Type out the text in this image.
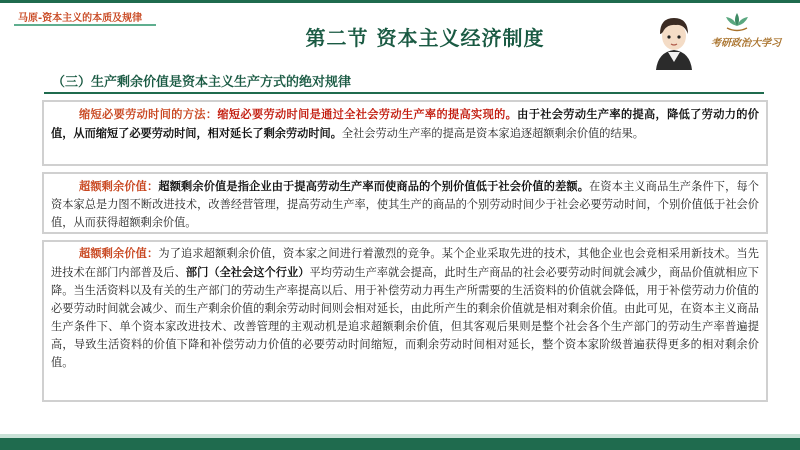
马原-资本主义的本质及规律
第二节 资本主义经济制度	考研政治大学习
（三）生产剩余价值是资本主义生产方式的绝对规律
缩短必要劳动时间的方法：缩短必要劳动时间是通过全社会劳动生产率的提高实现的。由于社会劳动生产率的提高，降低了劳动力的价值，从而缩短了必要劳动时间，相对延长了剩余劳动时间。全社会劳动生产率的提高是资本家追逐超额剩余价值的结果。
超额剩余价值：超额剩余价值是指企业由于提高劳动生产率而使商品的个别价值低于社会价值的差额。在资本主义商品生产条件下，每个资本家总是力图不断改进技术，改善经营管理，提高劳动生产率，使其生产的商品的个别劳动时间少于社会必要劳动时间，个别价值低于社会价值，从而获得超额剩余价值。
超额剩余价值：为了追求超额剩余价值，资本家之间进行着激烈的竞争。某个企业采取先进的技术，其他企业也会竞相采用新技术。当先进技术在部门内部普及后、部门（全社会这个行业）平均劳动生产率就会提高，此时生产商品的社会必要劳动时间就会减少，商品价值就相应下降。当生活资料以及有关的生产部门的劳动生产率提高以后、用于补偿劳动力再生产所需要的生活资料的价值就会降低，用于补偿劳动力价值的必要劳动时间就会减少、而生产剩余价值的剩余劳动时间则会相对延长，由此所产生的剩余价值就是相对剩余价值。由此可见，在资本主义商品生产条件下、单个资本家改进技术、改善管理的主观动机是追求超额剩余价值，但其客观后果则是整个社会各个生产部门的劳动生产率普遍提高，导致生活资料的价值下降和补偿劳动力价值的必要劳动时间缩短，而剩余劳动时间相对延长，整个资本家阶级普遍获得更多的相对剩余价值。
